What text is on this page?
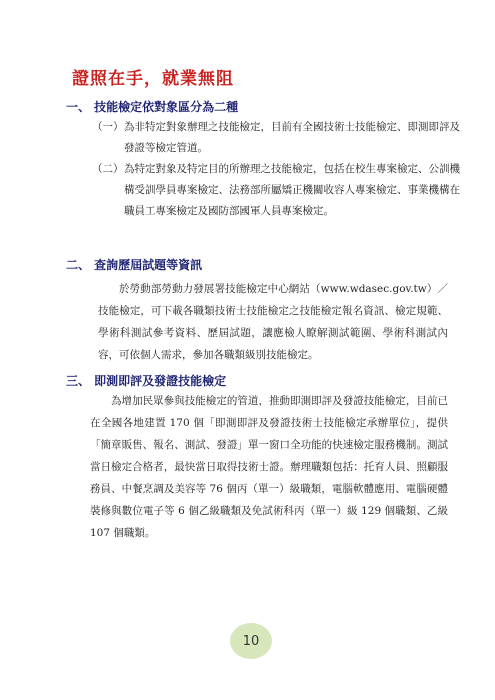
證照在手，就業無阻
一、 技能檢定依對象區分為二種
（一） 為非特定對象辦理之技能檢定，目前有全國技術士技能檢定、即測即評及發證等檢定管道。
（二） 為特定對象及特定目的所辦理之技能檢定，包括在校生專案檢定、公訓機構受訓學員專案檢定、法務部所屬矯正機關收容人專案檢定、事業機構在職員工專案檢定及國防部國軍人員專案檢定。
二、 查詢歷屆試題等資訊

於勞動部勞動力發展署技能檢定中心網站（www.wdasec.gov.tw）／技能檢定，可下載各職類技術士技能檢定之技能檢定報名資訊、檢定規範、學術科測試參考資料、歷屆試題，讓應檢人瞭解測試範圍、學術科測試內容，可依個人需求，參加各職類級別技能檢定。

三、 即測即評及發證技能檢定

為增加民眾參與技能檢定的管道，推動即測即評及發證技能檢定，目前已在全國各地建置 170 個「即測即評及發證技術士技能檢定承辦單位」，提供「簡章販售、報名、測試、發證」單一窗口全功能的快速檢定服務機制。測試當日檢定合格者，最快當日取得技術士證。辦理職類包括：托育人員、照顧服務員、中餐烹調及美容等 76 個丙（單一）級職類，電腦軟體應用、電腦硬體裝修與數位電子等 6 個乙級職類及免試術科丙（單一）級 129 個職類、乙級 107 個職類。

10
